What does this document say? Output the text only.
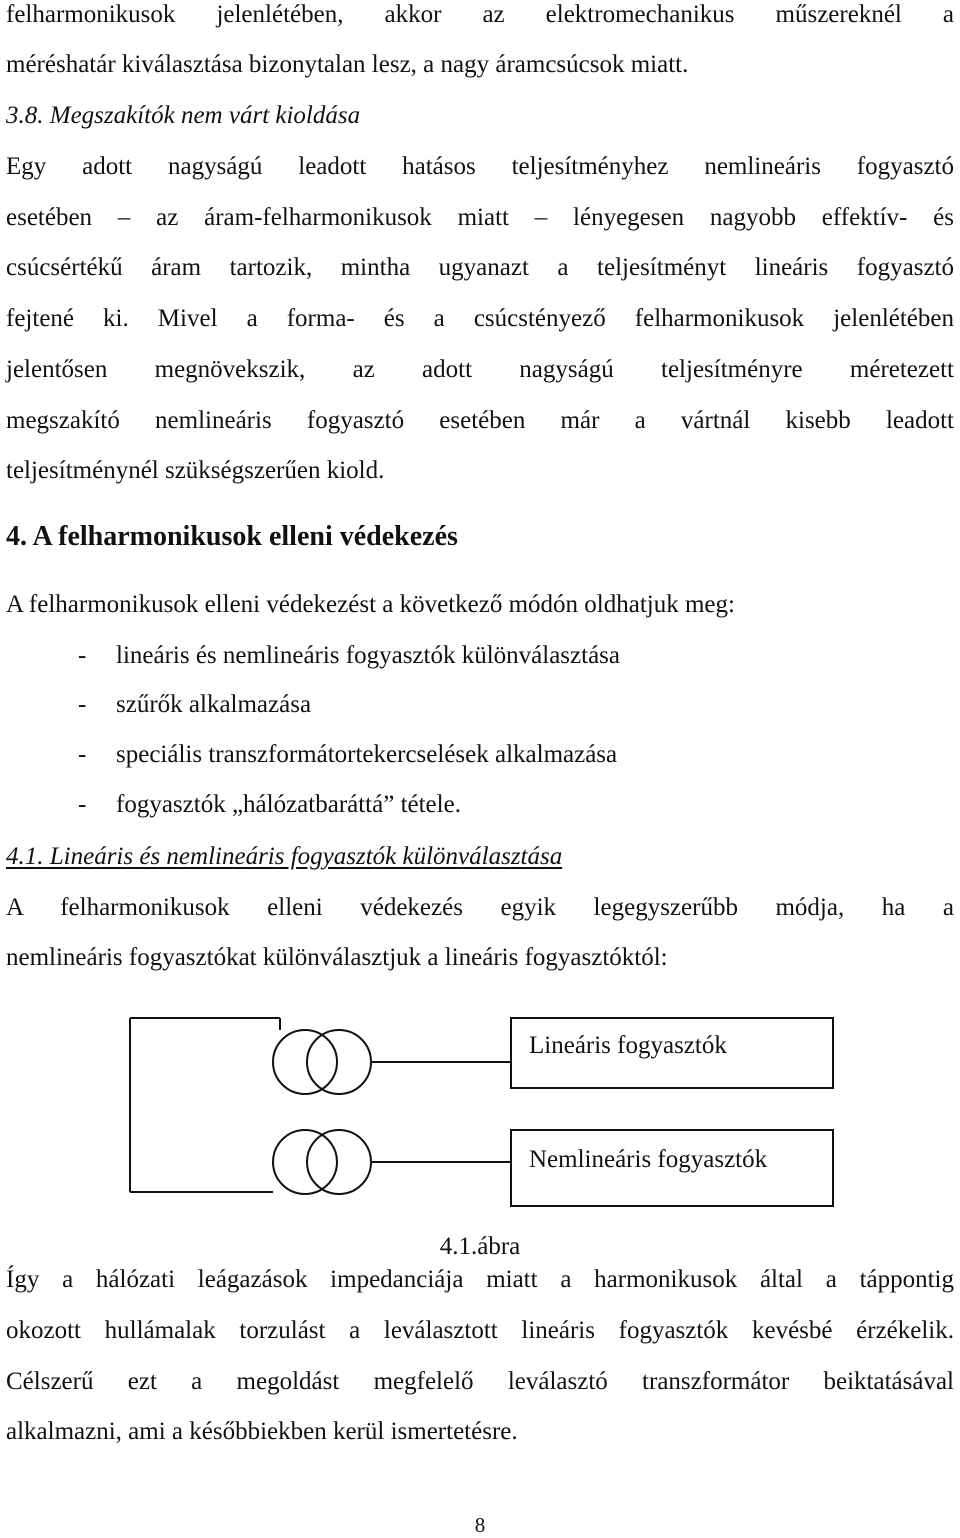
felharmonikusok jelenlétében, akkor az elektromechanikus műszereknél a
méréshatár kiválasztása bizonytalan lesz, a nagy áramcsúcsok miatt.
3.8. Megszakítók nem várt kioldása
Egy adott nagyságú leadott hatásos teljesítményhez nemlineáris fogyasztó
esetében – az áram-felharmonikusok miatt – lényegesen nagyobb effektív- és
csúcsértékű áram tartozik, mintha ugyanazt a teljesítményt lineáris fogyasztó
fejtené ki. Mivel a forma- és a csúcstényező felharmonikusok jelenlétében
jelentősen megnövekszik, az adott nagyságú teljesítményre méretezett
megszakító nemlineáris fogyasztó esetében már a vártnál kisebb leadott
teljesítménynél szükségszerűen kiold.
4. A felharmonikusok elleni védekezés
A felharmonikusok elleni védekezést a következő módón oldhatjuk meg:
- lineáris és nemlineáris fogyasztók különválasztása
- szűrők alkalmazása
- speciális transzformátortekercselések alkalmazása
- fogyasztók „hálózatbaráttá” tétele.
4.1. Lineáris és nemlineáris fogyasztók különválasztása
A felharmonikusok elleni védekezés egyik legegyszerűbb módja, ha a
nemlineáris fogyasztókat különválasztjuk a lineáris fogyasztóktól:
Lineáris fogyasztók
Nemlineáris fogyasztók
4.1.ábra
Így a hálózati leágazások impedanciája miatt a harmonikusok által a táppontig
okozott hullámalak torzulást a leválasztott lineáris fogyasztók kevésbé érzékelik.
Célszerű ezt a megoldást megfelelő leválasztó transzformátor beiktatásával
alkalmazni, ami a későbbiekben kerül ismertetésre.
8
